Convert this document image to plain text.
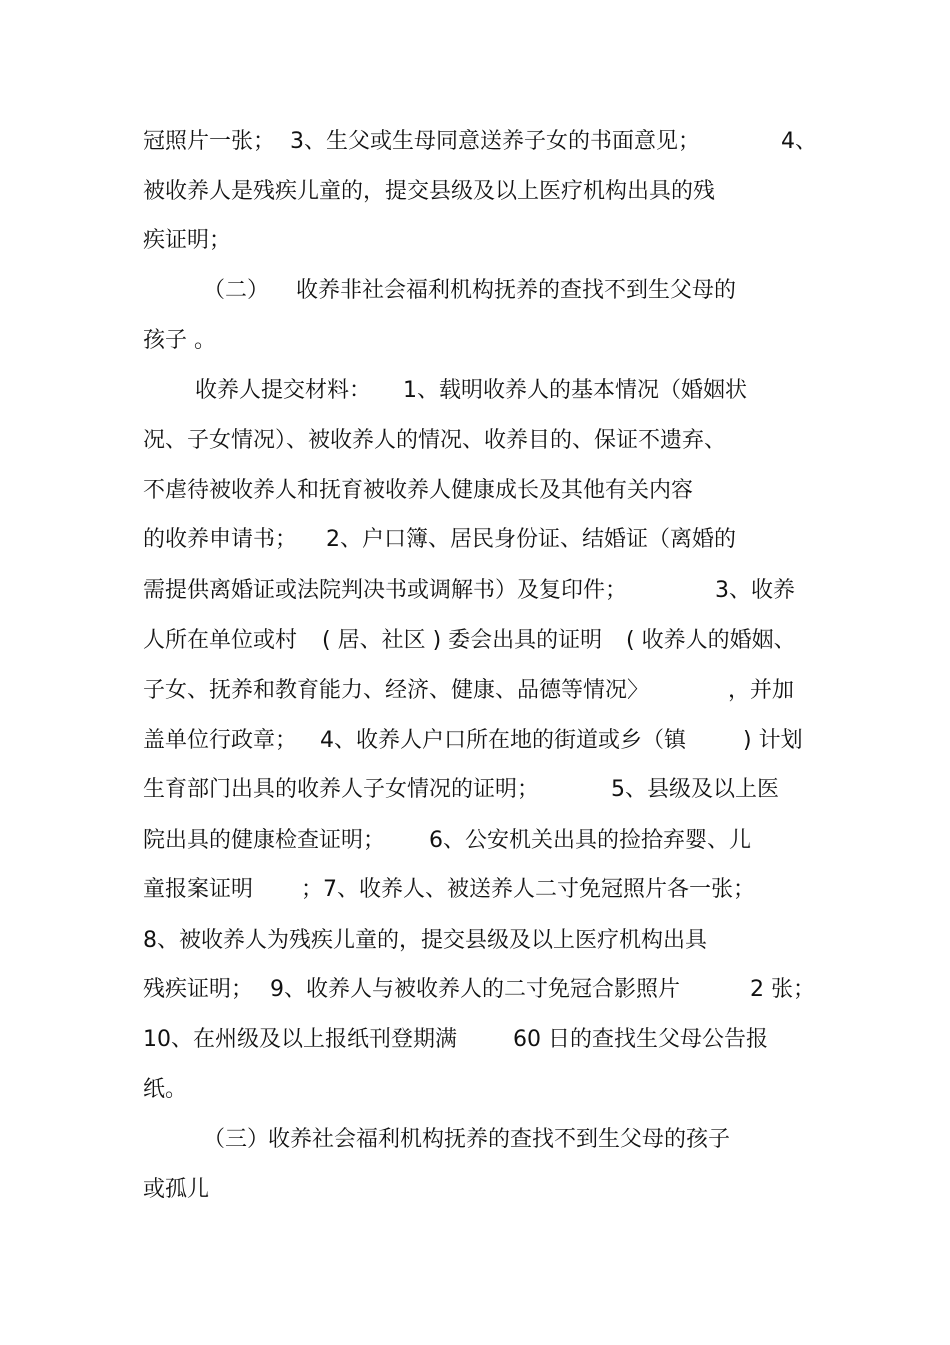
冠照片一张；

3、生父或生母同意送养子女的书面意见；

	4、

被收养人是残疾儿童的，提交县级及以上医疗机构出具的残

疾证明；

（二）

收养非社会福利机构抚养的查找不到生父母的

孩子 。

收养人提交材料：

1、载明收养人的基本情况（婚姻状

况、子女情况）、被收养人的情况、收养目的、保证不遗弃、

不虐待被收养人和抚育被收养人健康成长及其他有关内容

的收养申请书；

2、户口簿、居民身份证、结婚证（离婚的

需提供离婚证或法院判决书或调解书）及复印件；

	3、收养

人所在单位或村

( 居、社区 ) 委会出具的证明

( 收养人的婚姻、

子女、抚养和教育能力、经济、健康、品德等情况〉

	，并加

盖单位行政章；

4、收养人户口所在地的街道或乡（镇

	) 计划

生育部门出具的收养人子女情况的证明；

	5、县级及以上医

院出具的健康检查证明；

6、公安机关出具的捡拾弃婴、儿

童报案证明

；7、收养人、被送养人二寸免冠照片各一张；

8、被收养人为残疾儿童的，提交县级及以上医疗机构出具

残疾证明；

9、收养人与被收养人的二寸免冠合影照片

	2 张；

10、在州级及以上报纸刊登期满

	60 日的查找生父母公告报

纸。

（三）

收养社会福利机构抚养的查找不到生父母的孩子

或孤儿
